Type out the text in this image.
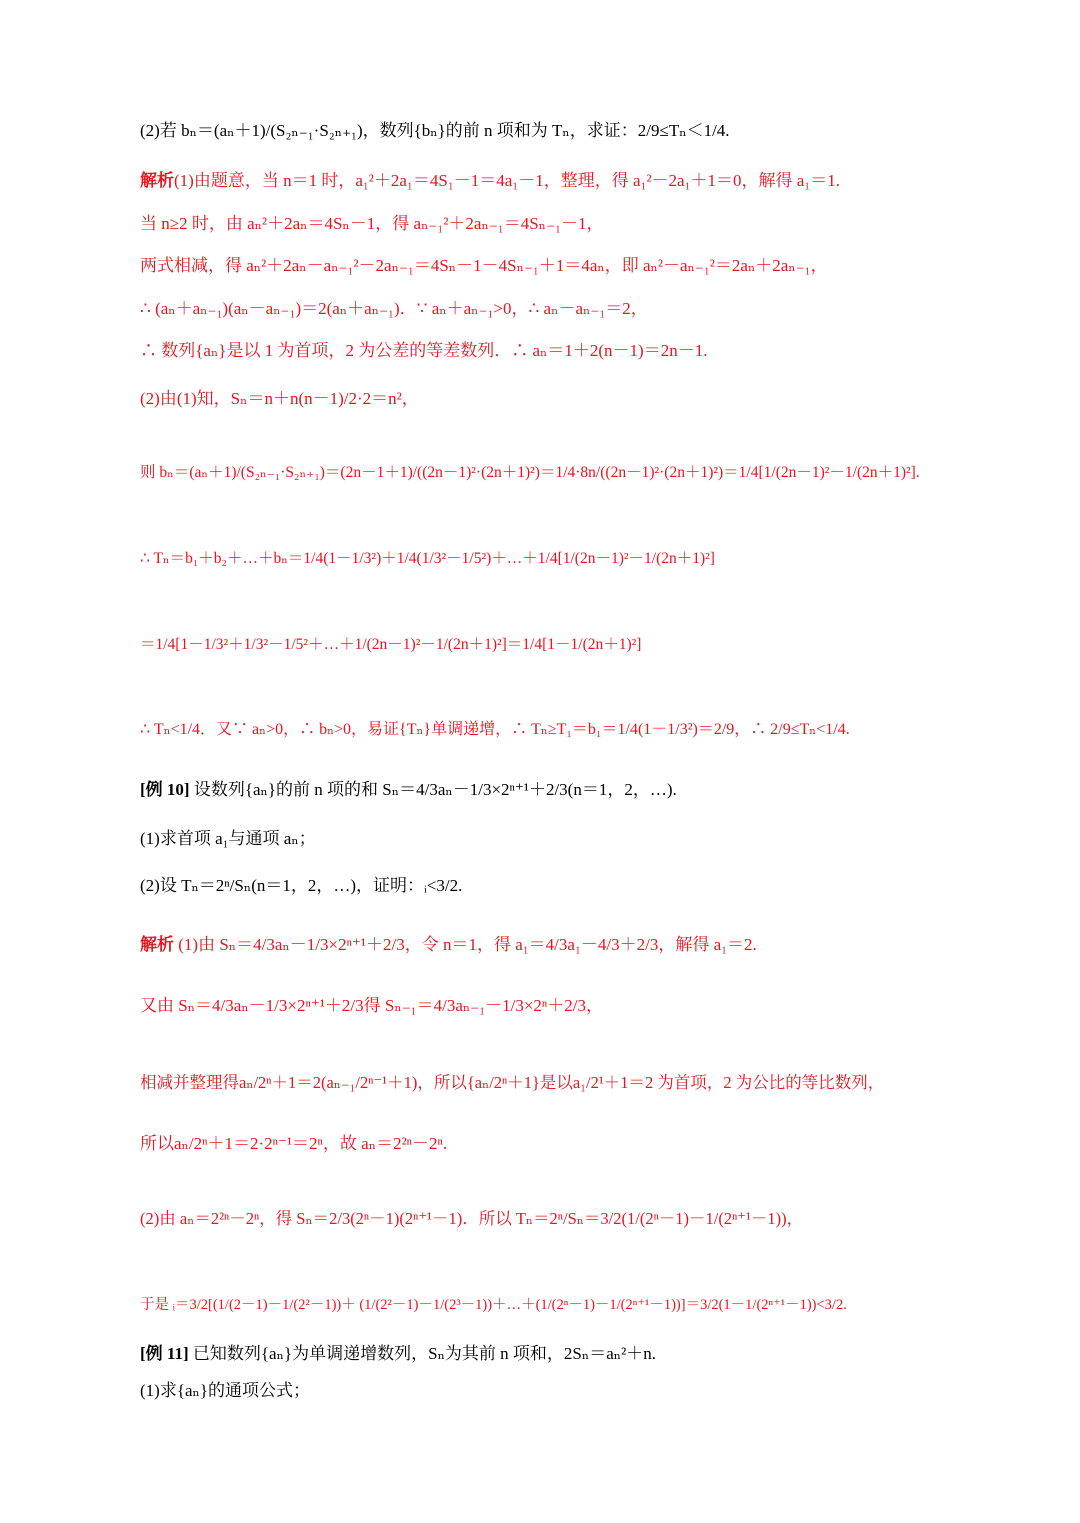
(2)若 bₙ＝(aₙ＋1)/(S₂ₙ₋₁·S₂ₙ₊₁)，数列{bₙ}的前 n 项和为 Tₙ，求证：2/9≤Tₙ＜1/4.
解析(1)由题意，当 n＝1 时，a₁²＋2a₁＝4S₁－1＝4a₁－1，整理，得 a₁²－2a₁＋1＝0，解得 a₁＝1.
当 n≥2 时，由 aₙ²＋2aₙ＝4Sₙ－1，得 aₙ₋₁²＋2aₙ₋₁＝4Sₙ₋₁－1，
两式相减，得 aₙ²＋2aₙ－aₙ₋₁²－2aₙ₋₁＝4Sₙ－1－4Sₙ₋₁＋1＝4aₙ，即 aₙ²－aₙ₋₁²＝2aₙ＋2aₙ₋₁，
∴ (aₙ＋aₙ₋₁)(aₙ－aₙ₋₁)＝2(aₙ＋aₙ₋₁)．∵ aₙ＋aₙ₋₁>0，∴ aₙ－aₙ₋₁＝2，
∴ 数列{aₙ}是以 1 为首项，2 为公差的等差数列．∴ aₙ＝1＋2(n－1)＝2n－1.
(2)由(1)知，Sₙ＝n＋n(n－1)/2·2＝n²，
则 bₙ＝(aₙ＋1)/(S₂ₙ₋₁·S₂ₙ₊₁)＝(2n－1＋1)/((2n－1)²·(2n＋1)²)＝1/4·8n/((2n－1)²·(2n＋1)²)＝1/4[1/(2n－1)²－1/(2n＋1)²].
∴ Tₙ＝b₁＋b₂＋…＋bₙ＝1/4(1－1/3²)＋1/4(1/3²－1/5²)＋…＋1/4[1/(2n－1)²－1/(2n＋1)²]
＝1/4[1－1/3²＋1/3²－1/5²＋…＋1/(2n－1)²－1/(2n＋1)²]＝1/4[1－1/(2n＋1)²]
∴ Tₙ<1/4．又∵ aₙ>0，∴ bₙ>0，易证{Tₙ}单调递增，∴ Tₙ≥T₁＝b₁＝1/4(1－1/3²)＝2/9，∴ 2/9≤Tₙ<1/4.
[例 10] 设数列{aₙ}的前 n 项的和 Sₙ＝4/3aₙ－1/3×2ⁿ⁺¹＋2/3(n＝1，2，…).
(1)求首项 a₁与通项 aₙ；
(2)设 Tₙ＝2ⁿ/Sₙ(n＝1，2，…)，证明：ᵢ<3/2.
解析 (1)由 Sₙ＝4/3aₙ－1/3×2ⁿ⁺¹＋2/3，令 n＝1，得 a₁＝4/3a₁－4/3＋2/3，解得 a₁＝2.
又由 Sₙ＝4/3aₙ－1/3×2ⁿ⁺¹＋2/3得 Sₙ₋₁＝4/3aₙ₋₁－1/3×2ⁿ＋2/3，
相减并整理得aₙ/2ⁿ＋1＝2(aₙ₋₁/2ⁿ⁻¹＋1)，所以{aₙ/2ⁿ＋1}是以a₁/2¹＋1＝2 为首项，2 为公比的等比数列，
所以aₙ/2ⁿ＋1＝2·2ⁿ⁻¹＝2ⁿ，故 aₙ＝2²ⁿ－2ⁿ.
(2)由 aₙ＝2²ⁿ－2ⁿ，得 Sₙ＝2/3(2ⁿ－1)(2ⁿ⁺¹－1)．所以 Tₙ＝2ⁿ/Sₙ＝3/2(1/(2ⁿ－1)－1/(2ⁿ⁺¹－1))，
于是 ᵢ＝3/2[(1/(2－1)－1/(2²－1))＋ (1/(2²－1)－1/(2³－1))＋…＋(1/(2ⁿ－1)－1/(2ⁿ⁺¹－1))]＝3/2(1－1/(2ⁿ⁺¹－1))<3/2.
[例 11] 已知数列{aₙ}为单调递增数列，Sₙ为其前 n 项和，2Sₙ＝aₙ²＋n.
(1)求{aₙ}的通项公式；
